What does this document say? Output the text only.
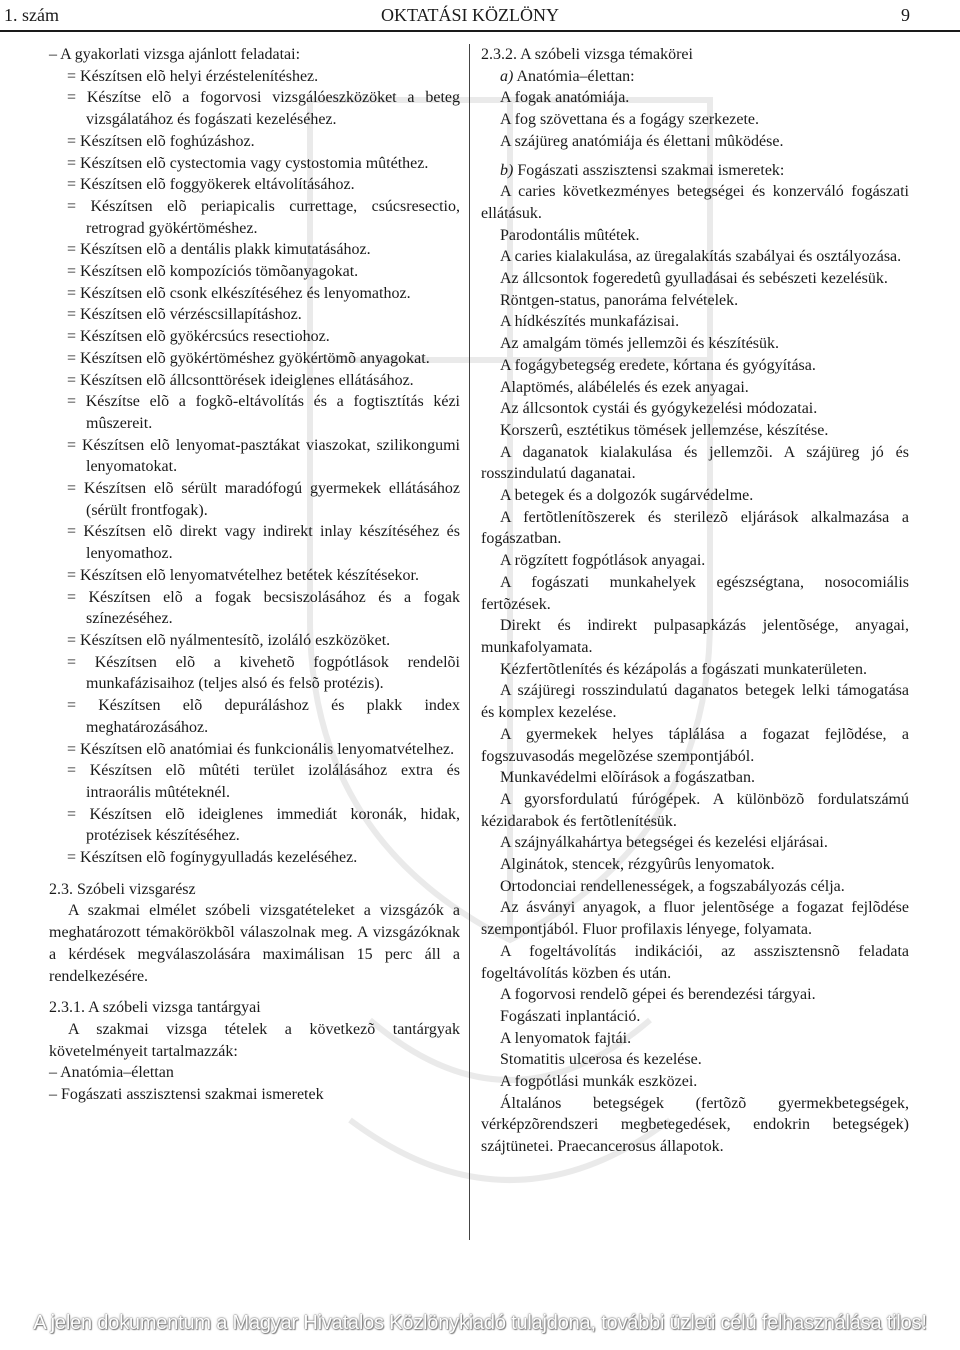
1. szám	OKTATÁSI KÖZLÖNY	9

– A gyakorlati vizsga ajánlott feladatai:

= Készítsen elõ helyi érzéstelenítéshez.

= Készítse elõ a fogorvosi vizsgálóeszközöket a beteg vizsgálatához és fogászati kezeléséhez.

= Készítsen elõ foghúzáshoz.

= Készítsen elõ cystectomia vagy cystostomia mûtéthez.

= Készítsen elõ foggyökerek eltávolításához.

= Készítsen elõ periapicalis currettage, csúcsresectio, retrograd gyökértöméshez.

= Készítsen elõ a dentális plakk kimutatásához.

= Készítsen elõ kompozíciós tömõanyagokat.

= Készítsen elõ csonk elkészítéséhez és lenyomathoz.

= Készítsen elõ vérzéscsillapításhoz.

= Készítsen elõ gyökércsúcs resectiohoz.

= Készítsen elõ gyökértöméshez gyökértömõ anyagokat.

= Készítsen elõ állcsonttörések ideiglenes ellátásához.

= Készítse elõ a fogkõ-eltávolítás és a fogtisztítás kézi mûszereit.

= Készítsen elõ lenyomat-pasztákat viaszokat, szilikongumi lenyomatokat.

= Készítsen elõ sérült maradófogú gyermekek ellátásához (sérült frontfogak).

= Készítsen elõ direkt vagy indirekt inlay készítéséhez és lenyomathoz.

= Készítsen elõ lenyomatvételhez betétek készítésekor.

= Készítsen elõ a fogak becsiszolásához és a fogak színezéséhez.

= Készítsen elõ nyálmentesítõ, izoláló eszközöket.

= Készítsen elõ a kivehetõ fogpótlások rendelõi munkafázisaihoz (teljes alsó és felsõ protézis).

= Készítsen elõ depuráláshoz és plakk index meghatározásához.

= Készítsen elõ anatómiai és funkcionális lenyomatvételhez.

= Készítsen elõ mûtéti terület izolálásához extra és intraorális mûtéteknél.

= Készítsen elõ ideiglenes immediát koronák, hidak, protézisek készítéséhez.

= Készítsen elõ fogínygyulladás kezeléséhez.

2.3. Szóbeli vizsgarész

A szakmai elmélet szóbeli vizsgatételeket a vizsgázók a meghatározott témakörökbõl válaszolnak meg. A vizsgázóknak a kérdések megválaszolására maximálisan 15 perc áll a rendelkezésére.

2.3.1. A szóbeli vizsga tantárgyai

A szakmai vizsga tételek a következõ tantárgyak követelményeit tartalmazzák:

– Anatómia–élettan

– Fogászati asszisztensi szakmai ismeretek

2.3.2. A szóbeli vizsga témakörei

a) Anatómia–élettan:

A fogak anatómiája.

A fog szövettana és a fogágy szerkezete.

A szájüreg anatómiája és élettani mûködése.

b) Fogászati asszisztensi szakmai ismeretek:

A caries következményes betegségei és konzerváló fogászati ellátásuk.

Parodontális mûtétek.

A caries kialakulása, az üregalakítás szabályai és osztályozása.

Az állcsontok fogeredetû gyulladásai és sebészeti kezelésük.

Röntgen-status, panoráma felvételek.

A hídkészítés munkafázisai.

Az amalgám tömés jellemzõi és készítésük.

A fogágybetegség eredete, kórtana és gyógyítása.

Alaptömés, alábélelés és ezek anyagai.

Az állcsontok cystái és gyógykezelési módozatai.

Korszerû, esztétikus tömések jellemzése, készítése.

A daganatok kialakulása és jellemzõi. A szájüreg jó és rosszindulatú daganatai.

A betegek és a dolgozók sugárvédelme.

A fertõtlenítõszerek és sterilezõ eljárások alkalmazása a fogászatban.

A rögzített fogpótlások anyagai.

A fogászati munkahelyek egészségtana, nosocomiális fertõzések.

Direkt és indirekt pulpasapkázás jelentõsége, anyagai, munkafolyamata.

Kézfertõtlenítés és kézápolás a fogászati munkaterületen.

A szájüregi rosszindulatú daganatos betegek lelki támogatása és komplex kezelése.

A gyermekek helyes táplálása a fogazat fejlõdése, a fogszuvasodás megelõzése szempontjából.

Munkavédelmi elõírások a fogászatban.

A gyorsfordulatú fúrógépek. A különbözõ fordulatszámú kézidarabok és fertõtlenítésük.

A szájnyálkahártya betegségei és kezelési eljárásai.

Alginátok, stencek, rézgyûrûs lenyomatok.

Ortodonciai rendellenességek, a fogszabályozás célja.

Az ásványi anyagok, a fluor jelentõsége a fogazat fejlõdése szempontjából. Fluor profilaxis lényege, folyamata.

A fogeltávolítás indikációi, az asszisztensnõ feladata fogeltávolítás közben és után.

A fogorvosi rendelõ gépei és berendezési tárgyai.

Fogászati inplantáció.

A lenyomatok fajtái.

Stomatitis ulcerosa és kezelése.

A fogpótlási munkák eszközei.

Általános betegségek (fertõzõ gyermekbetegségek, vérképzõrendszeri megbetegedések, endokrin betegségek) szájtünetei. Praecancerosus állapotok.

A jelen dokumentum a Magyar Hivatalos Közlönykiadó tulajdona, további üzleti célú felhasználása tilos!
